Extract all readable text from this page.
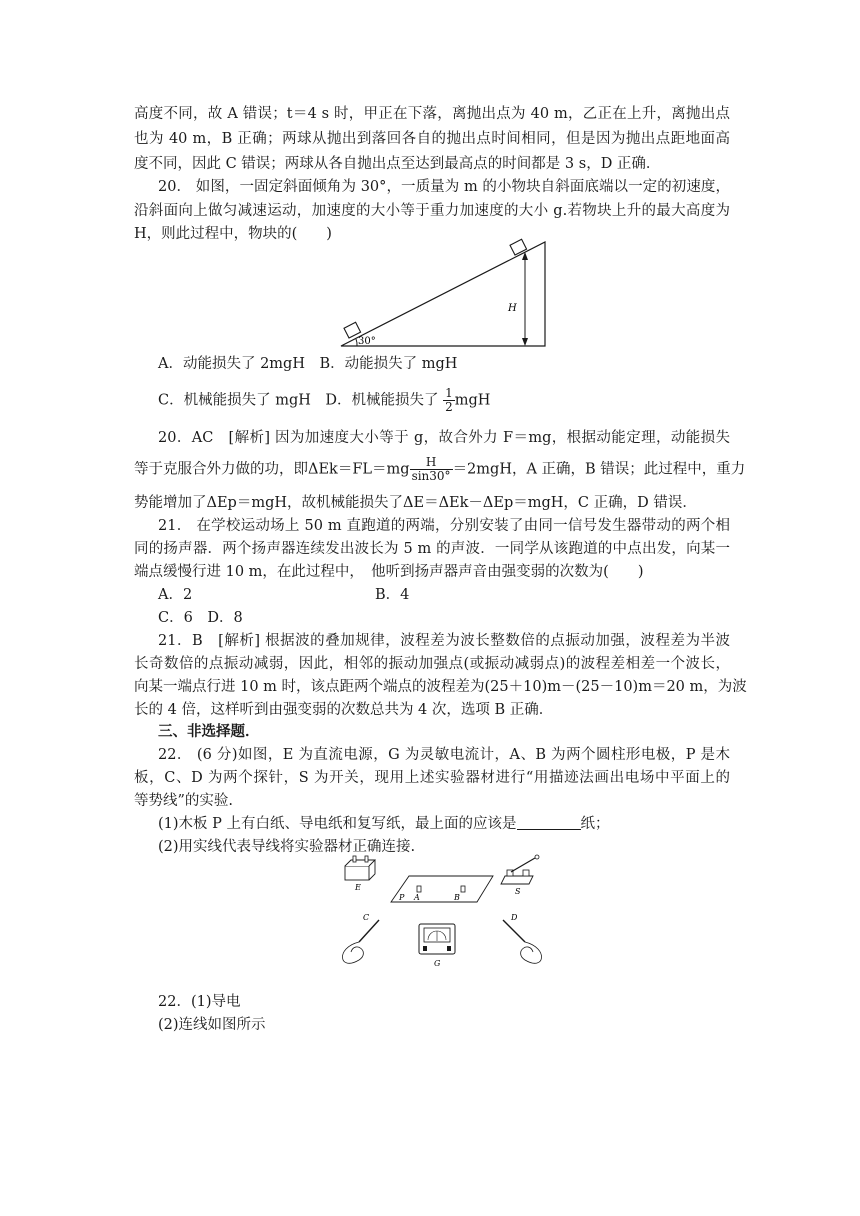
高度不同，故 A 错误；t＝4 s 时，甲正在下落，离抛出点为 40 m，乙正在上升，离抛出点
也为 40 m，B 正确；两球从抛出到落回各自的抛出点时间相同，但是因为抛出点距地面高
度不同，因此 C 错误；两球从各自抛出点至达到最高点的时间都是 3 s，D 正确．
20． 如图，一固定斜面倾角为 30°，一质量为 m 的小物块自斜面底端以一定的初速度，
沿斜面向上做匀减速运动，加速度的大小等于重力加速度的大小 g.若物块上升的最大高度为
H，则此过程中，物块的(　　)
30°
H
A．动能损失了 2mgH　B．动能损失了 mgH
C．机械能损失了 mgH　D．机械能损失了 $\frac{1}{2}$ mgH
20．AC　[解析] 因为加速度大小等于 g，故合外力 F＝mg，根据动能定理，动能损失
等于克服合外力做的功，即$\Delta Ek=FL=mg \frac{H}{\sin 30^\circ} =2mgH$，A 正确，B 错误；此过程中，重力
势能增加了ΔEp＝mgH，故机械能损失了ΔE＝ΔEk－ΔEp＝mgH，C 正确，D 错误．
21． 在学校运动场上 50 m 直跑道的两端，分别安装了由同一信号发生器带动的两个相
同的扬声器．两个扬声器连续发出波长为 5 m 的声波．一同学从该跑道的中点出发，向某一
端点缓慢行进 10 m，在此过程中，　他听到扬声器声音由强变弱的次数为(　　)
A．2	B．4
C．6　D．8
21．B　[解析] 根据波的叠加规律，波程差为波长整数倍的点振动加强，波程差为半波
长奇数倍的点振动减弱，因此，相邻的振动加强点(或振动减弱点)的波程差相差一个波长，
向某一端点行进 10 m 时，该点距两个端点的波程差为(25＋10)m－(25－10)m＝20 m，为波
长的 4 倍，这样听到由强变弱的次数总共为 4 次，选项 B 正确．
三、非选择题．
22． (6 分)如图，E 为直流电源，G 为灵敏电流计，A、B 为两个圆柱形电极，P 是木
板，C、D 为两个探针，S 为开关，现用上述实验器材进行“用描迹法画出电场中平面上的
等势线”的实验.
(1)木板 P 上有白纸、导电纸和复写纸，最上面的应该是	纸；
(2)用实线代表导线将实验器材正确连接.
E
P A	B
S
C	D
G
22．(1)导电
(2)连线如图所示
